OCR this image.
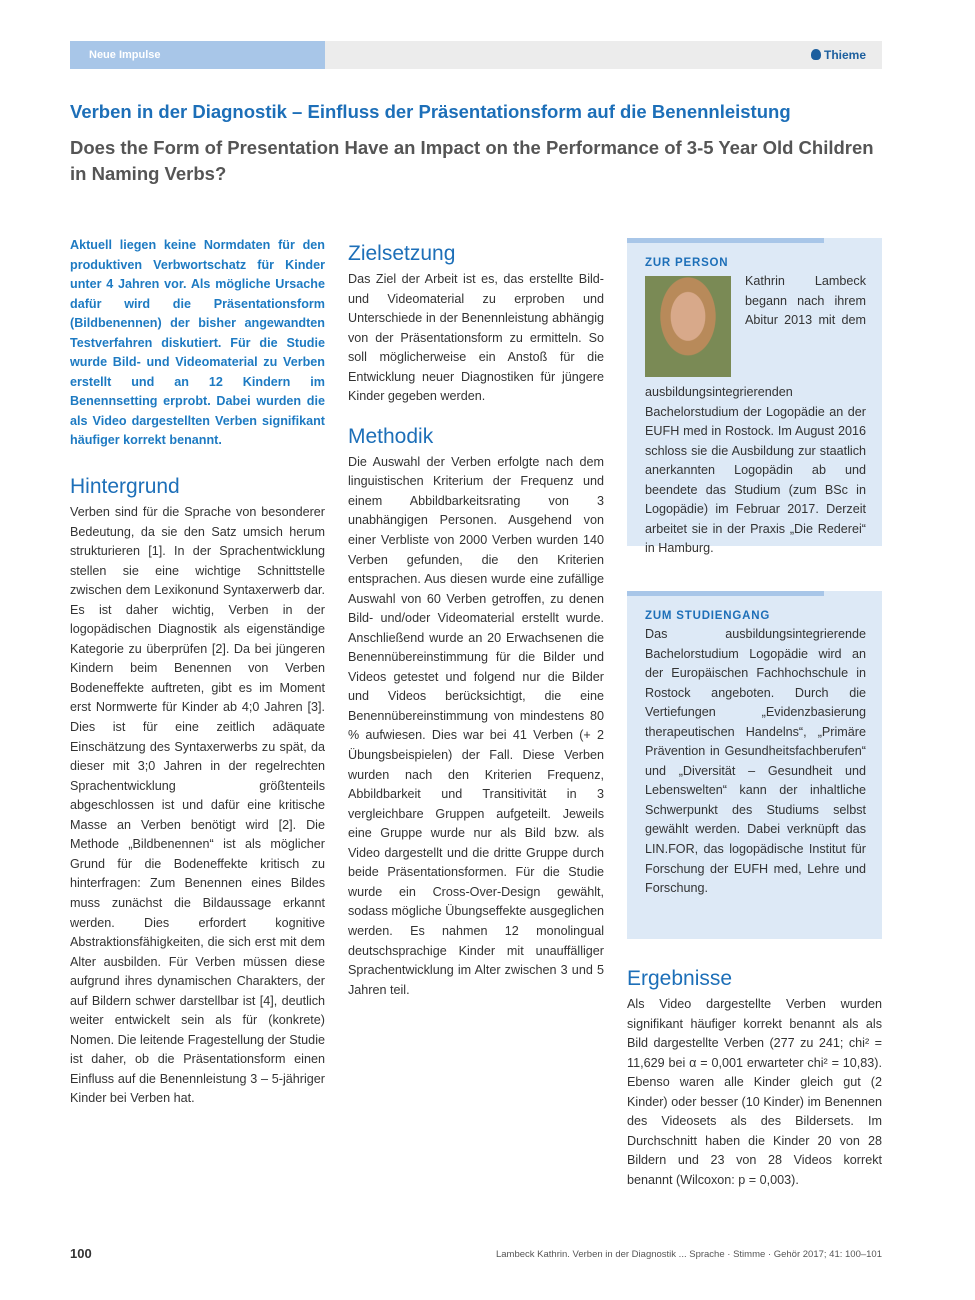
Neue Impulse	Thieme
Verben in der Diagnostik – Einfluss der Präsentationsform auf die Benennleistung
Does the Form of Presentation Have an Impact on the Performance of 3-5 Year Old Children in Naming Verbs?

Aktuell liegen keine Normdaten für den produktiven Verbwortschatz für Kinder unter 4 Jahren vor. Als mögliche Ursache dafür wird die Präsentationsform (Bildbenennen) der bisher angewandten Testverfahren diskutiert. Für die Studie wurde Bild- und Videomaterial zu Verben erstellt und an 12 Kindern im Benennsetting erprobt. Dabei wurden die als Video dargestellten Verben signifikant häufiger korrekt benannt.

Hintergrund

Verben sind für die Sprache von besonderer Bedeutung, da sie den Satz umsich herum strukturieren [1]. In der Sprachentwicklung stellen sie eine wichtige Schnittstelle zwischen dem Lexikonund Syntaxerwerb dar. Es ist daher wichtig, Verben in der logopädischen Diagnostik als eigenständige Kategorie zu überprüfen [2]. Da bei jüngeren Kindern beim Benennen von Verben Bodeneffekte auftreten, gibt es im Moment erst Normwerte für Kinder ab 4;0 Jahren [3]. Dies ist für eine zeitlich adäquate Einschätzung des Syntaxerwerbs zu spät, da dieser mit 3;0 Jahren in der regelrechten Sprachentwicklung größtenteils abgeschlossen ist und dafür eine kritische Masse an Verben benötigt wird [2]. Die Methode „Bildbenennen“ ist als möglicher Grund für die Bodeneffekte kritisch zu hinterfragen: Zum Benennen eines Bildes muss zunächst die Bildaussage erkannt werden. Dies erfordert kognitive Abstraktionsfähigkeiten, die sich erst mit dem Alter ausbilden. Für Verben müssen diese aufgrund ihres dynamischen Charakters, der auf Bildern schwer darstellbar ist [4], deutlich weiter entwickelt sein als für (konkrete) Nomen. Die leitende Fragestellung der Studie ist daher, ob die Präsentationsform einen Einfluss auf die Benennleistung 3 – 5-jähriger Kinder bei Verben hat.

Zielsetzung

Das Ziel der Arbeit ist es, das erstellte Bild- und Videomaterial zu erproben und Unterschiede in der Benennleistung abhängig von der Präsentationsform zu ermitteln. So soll möglicherweise ein Anstoß für die Entwicklung neuer Diagnostiken für jüngere Kinder gegeben werden.

Methodik

Die Auswahl der Verben erfolgte nach dem linguistischen Kriterium der Frequenz und einem Abbildbarkeitsrating von 3 unabhängigen Personen. Ausgehend von einer Verbliste von 2000 Verben wurden 140 Verben gefunden, die den Kriterien entsprachen. Aus diesen wurde eine zufällige Auswahl von 60 Verben getroffen, zu denen Bild- und/oder Videomaterial erstellt wurde. Anschließend wurde an 20 Erwachsenen die Benennübereinstimmung für die Bilder und Videos getestet und folgend nur die Bilder und Videos berücksichtigt, die eine Benennübereinstimmung von mindestens 80 % aufwiesen. Dies war bei 41 Verben (+ 2 Übungsbeispielen) der Fall. Diese Verben wurden nach den Kriterien Frequenz, Abbildbarkeit und Transitivität in 3 vergleichbare Gruppen aufgeteilt. Jeweils eine Gruppe wurde nur als Bild bzw. als Video dargestellt und die dritte Gruppe durch beide Präsentationsformen. Für die Studie wurde ein Cross-Over-Design gewählt, sodass mögliche Übungseffekte ausgeglichen werden. Es nahmen 12 monolingual deutschsprachige Kinder mit unauffälliger Sprachentwicklung im Alter zwischen 3 und 5 Jahren teil.

ZUR PERSON

Kathrin Lambeck begann nach ihrem Abitur 2013 mit dem ausbildungsintegrierenden Bachelorstudium der Logopädie an der EUFH med in Rostock. Im August 2016 schloss sie die Ausbildung zur staatlich anerkannten Logopädin ab und beendete das Studium (zum BSc in Logopädie) im Februar 2017. Derzeit arbeitet sie in der Praxis „Die Rederei“ in Hamburg.

ZUM STUDIENGANG

Das ausbildungsintegrierende Bachelorstudium Logopädie wird an der Europäischen Fachhochschule in Rostock angeboten. Durch die Vertiefungen „Evidenzbasierung therapeutischen Handelns“, „Primäre Prävention in Gesundheitsfachberufen“ und „Diversität – Gesundheit und Lebenswelten“ kann der inhaltliche Schwerpunkt des Studiums selbst gewählt werden. Dabei verknüpft das LIN.FOR, das logopädische Institut für Forschung der EUFH med, Lehre und Forschung.

Ergebnisse

Als Video dargestellte Verben wurden signifikant häufiger korrekt benannt als als Bild dargestellte Verben (277 zu 241; chi² = 11,629 bei α = 0,001 erwarteter chi² = 10,83). Ebenso waren alle Kinder gleich gut (2 Kinder) oder besser (10 Kinder) im Benennen des Videosets als des Bildersets. Im Durchschnitt haben die Kinder 20 von 28 Bildern und 23 von 28 Videos korrekt benannt (Wilcoxon: p = 0,003).

100	Lambeck Kathrin. Verben in der Diagnostik ... Sprache · Stimme · Gehör 2017; 41: 100–101
